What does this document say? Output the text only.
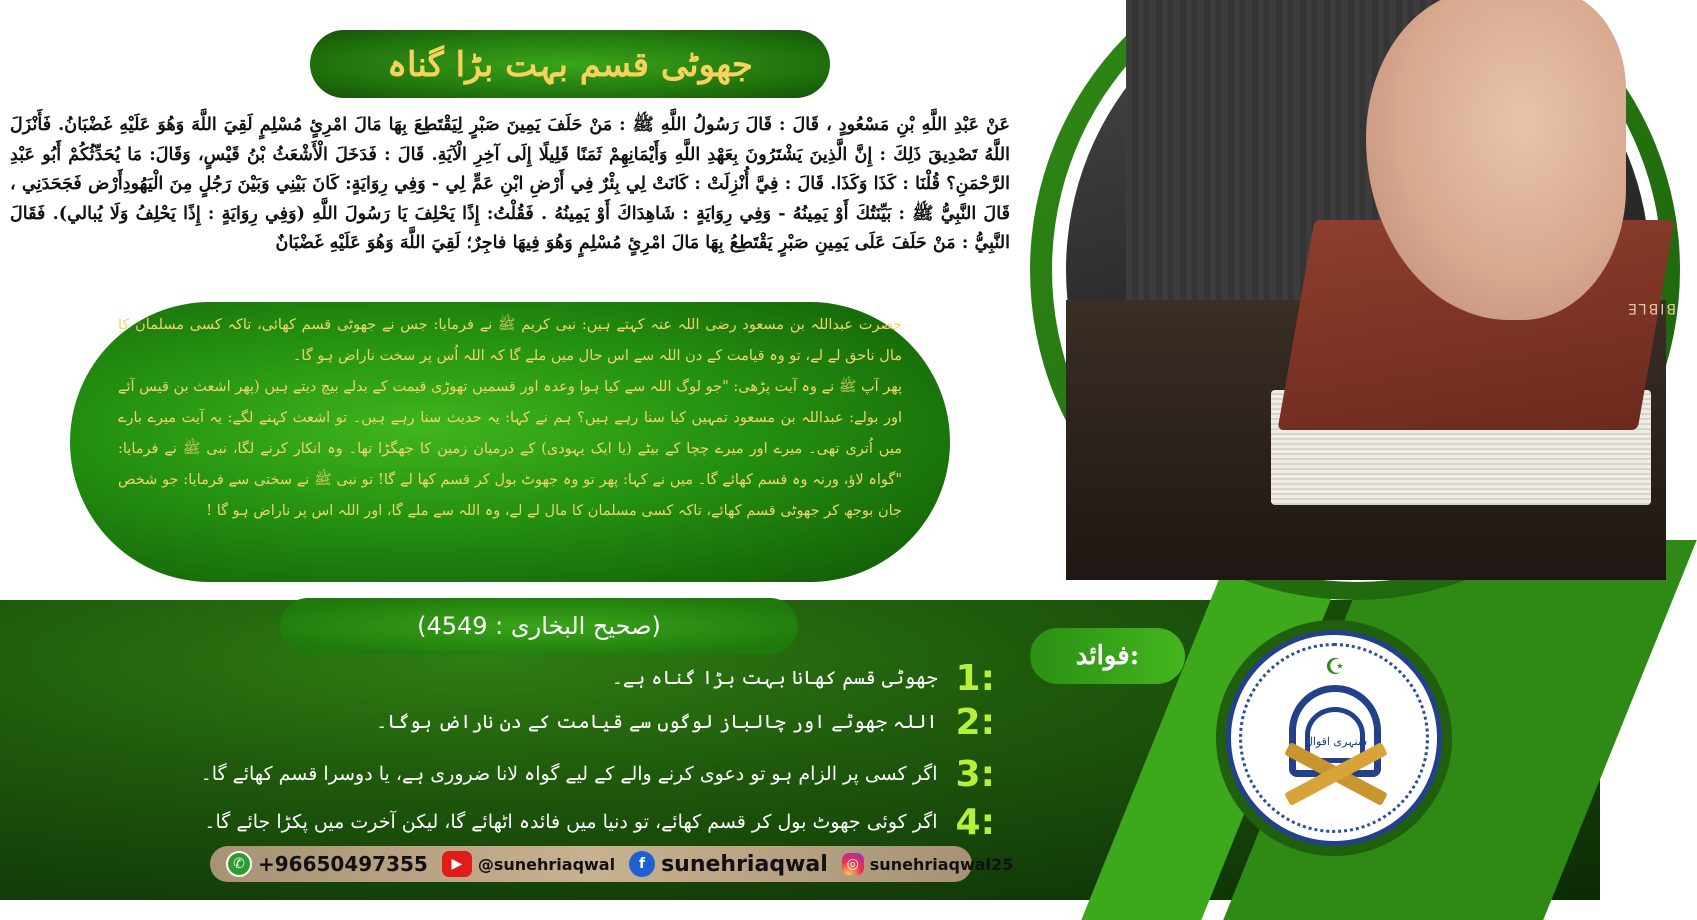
BIBLE
جھوٹی قسم بہت بڑا گناہ
عَنْ عَبْدِ اللَّهِ بْنِ مَسْعُودٍ ، قَالَ : قَالَ رَسُولُ اللَّهِ ﷺ : مَنْ حَلَفَ يَمِينَ صَبْرٍ لِيَقْتَطِعَ بِهَا مَالَ امْرِئٍ مُسْلِمٍ لَقِيَ اللَّهَ وَهُوَ عَلَيْهِ غَضْبَانُ. فَأَنْزَلَ اللَّهُ تَصْدِيقَ ذَلِكَ : إِنَّ الَّذِينَ يَشْتَرُونَ بِعَهْدِ اللَّهِ وَأَيْمَانِهِمْ ثَمَنًا قَلِيلًا إِلَى آخِرِ الْآيَةِ. قَالَ : فَدَخَلَ الْأَشْعَثُ بْنُ قَيْسٍ، وَقَالَ: مَا يُحَدِّثُكُمْ أَبُو عَبْدِ الرَّحْمَنِ؟ قُلْنَا : كَذَا وَكَذَا. قَالَ : فِيَّ أُنْزِلَتْ : كَانَتْ لِي بِئْرٌ فِي أَرْضِ ابْنِ عَمٍّ لِي - وَفِي رِوَايَةٍ: كَانَ بَيْنِي وَبَيْنَ رَجُلٍ مِنَ الْيَهُودِأَرْض فَجَحَدَنِي ، قَالَ النَّبِيُّ ﷺ : بَيِّنَتُكَ أَوْ يَمِينُهُ - وَفِي رِوَايَةٍ : شَاهِدَاكَ أَوْ يَمِينُهُ . فَقُلْتُ: إِذًا يَحْلِفَ يَا رَسُولَ اللَّهِ (وَفِي رِوَايَةٍ : إِذًا يَحْلِفُ وَلَا يُبالي). فَقَالَ النَّبِيُّ : مَنْ حَلَفَ عَلَى يَمِينِ صَبْرٍ يَقْتَطِعُ بِهَا مَالَ امْرِئٍ مُسْلِمٍ وَهُوَ فِيهَا فاجِرٌ؛ لَقِيَ اللَّهَ وَهُوَ عَلَيْهِ غَضْبَانٌ

حضرت عبداللہ بن مسعود رضی اللہ عنہ کہتے ہیں: نبی کریم ﷺ نے فرمایا: جس نے جھوٹی قسم کھائی، تاکہ کسی مسلمان کا مال ناحق لے لے، تو وہ قیامت کے دن اللہ سے اس حال میں ملے گا کہ اللہ اُس پر سخت ناراض ہو گا۔

پھر آپ ﷺ نے وہ آیت پڑھی: "جو لوگ اللہ سے کیا ہوا وعدہ اور قسمیں تھوڑی قیمت کے بدلے بیچ دیتے ہیں (پھر اشعث بن قیس آئے اور بولے: عبداللہ بن مسعود تمہیں کیا سنا رہے ہیں؟ ہم نے کہا: یہ حدیث سنا رہے ہیں۔ تو اشعث کہنے لگے: یہ آیت میرے بارے میں اُتری تھی۔ میرے اور میرے چچا کے بیٹے (یا ایک یہودی) کے درمیان زمین کا جھگڑا تھا۔ وہ انکار کرنے لگا، نبی ﷺ نے فرمایا: "گواہ لاؤ، ورنہ وہ قسم کھائے گا۔ میں نے کہا: پھر تو وہ جھوٹ بول کر قسم کھا لے گا! تو نبی ﷺ نے سختی سے فرمایا: جو شخص جان بوجھ کر جھوٹی قسم کھائے، تاکہ کسی مسلمان کا مال لے لے، وہ اللہ سے ملے گا، اور اللہ اس پر ناراض ہو گا !

(صحيح البخارى : 4549)
فوائد:
:1
جھوٹی قسم کھانا بہت بڑا گناہ ہے۔
:2
اللہ جھوٹے اور چالباز لوگوں سے قیامت کے دن ناراض ہوگا۔
:3
اگر کسی پر الزام ہو تو دعوی کرنے والے کے لیے گواہ لانا ضروری ہے، یا دوسرا قسم کھائے گا۔
:4
اگر کوئی جھوٹ بول کر قسم کھائے، تو دنیا میں فائدہ اٹھائے گا، لیکن آخرت میں پکڑا جائے گا۔
☪
سنہری اقوال
✆ +96650497355	▶ @sunehriaqwal	f sunehriaqwal	◎ sunehriaqwal25
